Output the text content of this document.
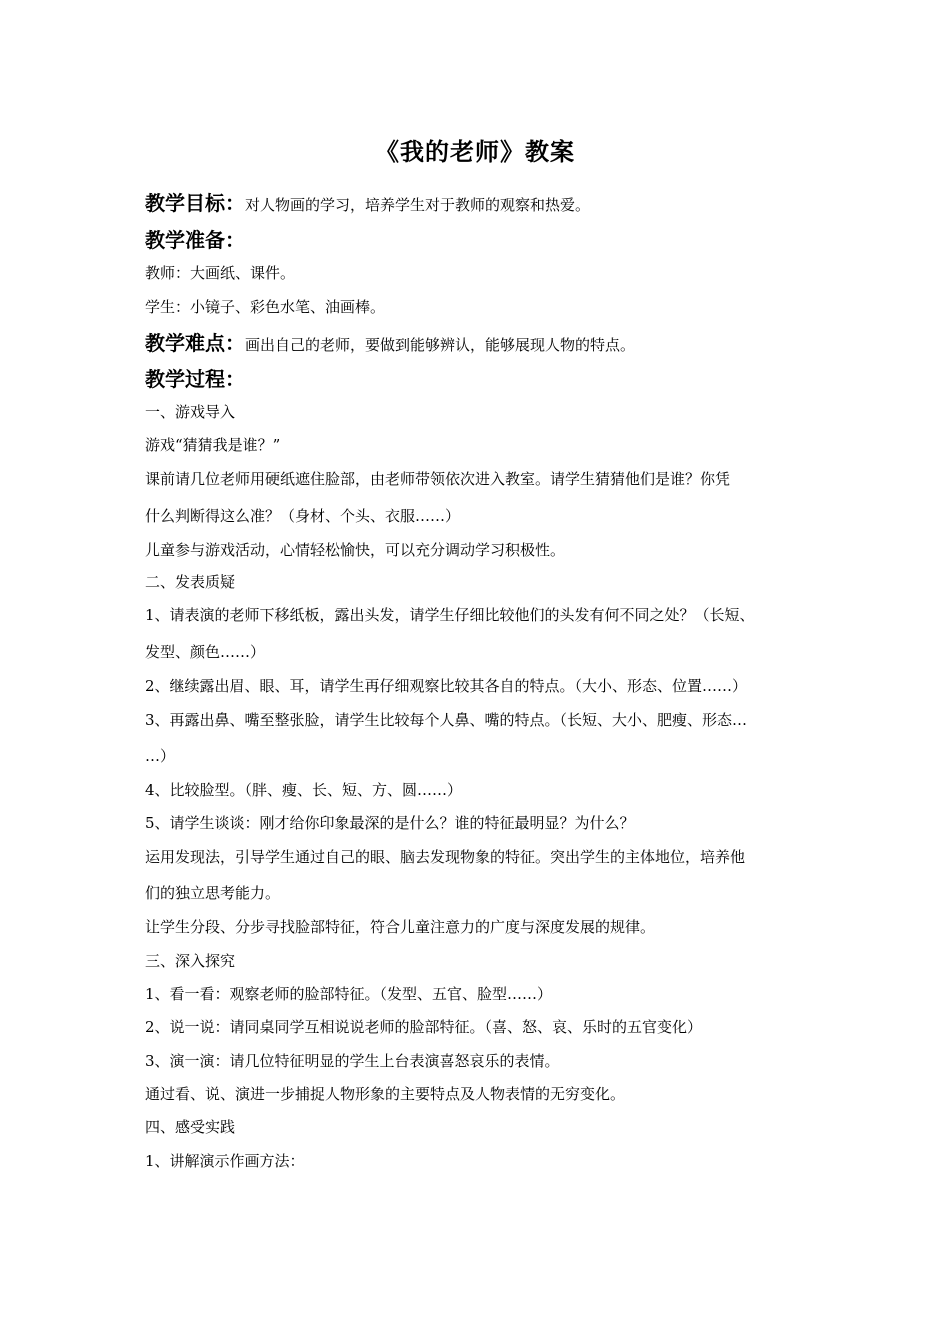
《我的老师》教案
教学目标：对人物画的学习，培养学生对于教师的观察和热爱。
教学准备：
教师：大画纸、课件。
学生：小镜子、彩色水笔、油画棒。
教学难点：画出自己的老师，要做到能够辨认，能够展现人物的特点。
教学过程：
一、游戏导入
游戏“猜猜我是谁？”
课前请几位老师用硬纸遮住脸部，由老师带领依次进入教室。请学生猜猜他们是谁？你凭
什么判断得这么准？（身材、个头、衣服……）
儿童参与游戏活动，心情轻松愉快，可以充分调动学习积极性。
二、发表质疑
1、请表演的老师下移纸板，露出头发，请学生仔细比较他们的头发有何不同之处？（长短、
发型、颜色……）
2、继续露出眉、眼、耳，请学生再仔细观察比较其各自的特点。（大小、形态、位置……）
3、再露出鼻、嘴至整张脸，请学生比较每个人鼻、嘴的特点。（长短、大小、肥瘦、形态…
…）
4、比较脸型。（胖、瘦、长、短、方、圆……）
5、请学生谈谈：刚才给你印象最深的是什么？谁的特征最明显？为什么？
运用发现法，引导学生通过自己的眼、脑去发现物象的特征。突出学生的主体地位，培养他
们的独立思考能力。
让学生分段、分步寻找脸部特征，符合儿童注意力的广度与深度发展的规律。
三、深入探究
1、看一看：观察老师的脸部特征。（发型、五官、脸型……）
2、说一说：请同桌同学互相说说老师的脸部特征。（喜、怒、哀、乐时的五官变化）
3、演一演：请几位特征明显的学生上台表演喜怒哀乐的表情。
通过看、说、演进一步捕捉人物形象的主要特点及人物表情的无穷变化。
四、感受实践
1、讲解演示作画方法：
